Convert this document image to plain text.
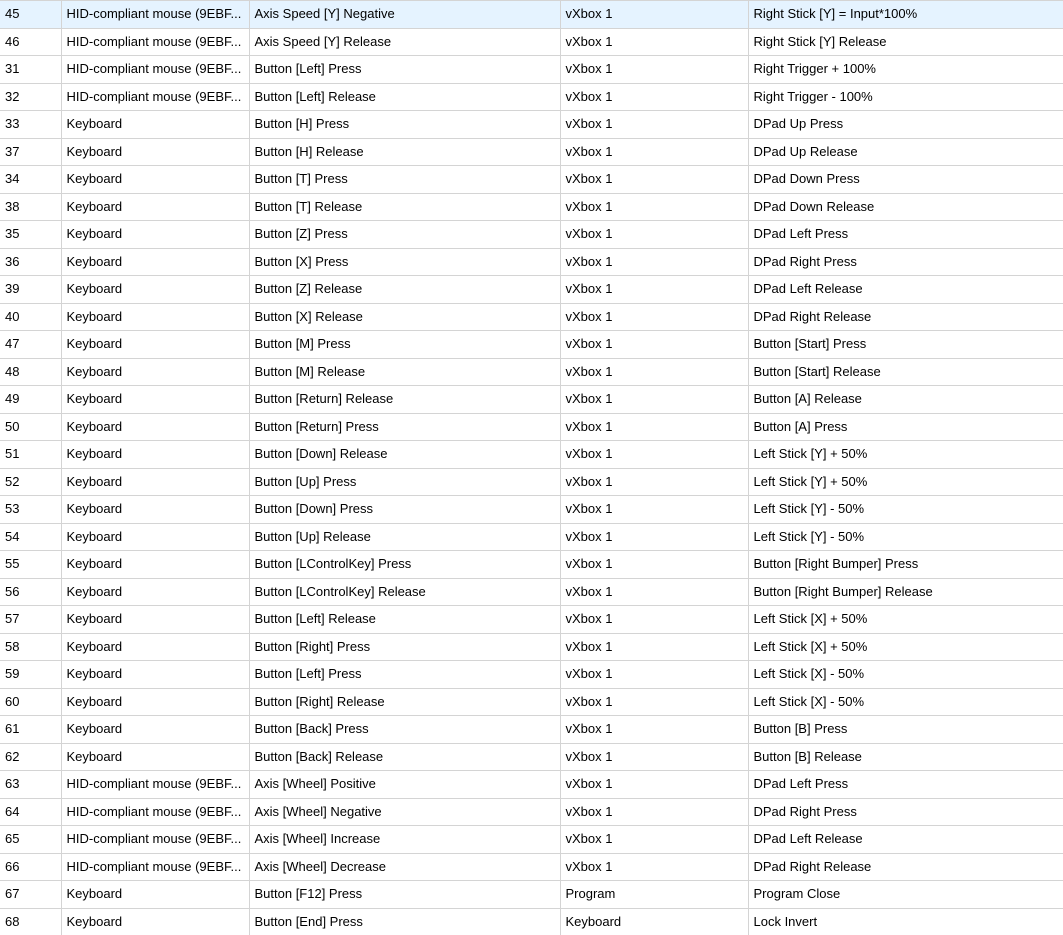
45	HID-compliant mouse (9EBF...	Axis Speed [Y] Negative	vXbox 1	Right Stick [Y] = Input*100%
46	HID-compliant mouse (9EBF...	Axis Speed [Y] Release	vXbox 1	Right Stick [Y] Release
31	HID-compliant mouse (9EBF...	Button [Left] Press	vXbox 1	Right Trigger + 100%
32	HID-compliant mouse (9EBF...	Button [Left] Release	vXbox 1	Right Trigger - 100%
33	Keyboard	Button [H] Press	vXbox 1	DPad Up Press
37	Keyboard	Button [H] Release	vXbox 1	DPad Up Release
34	Keyboard	Button [T] Press	vXbox 1	DPad Down Press
38	Keyboard	Button [T] Release	vXbox 1	DPad Down Release
35	Keyboard	Button [Z] Press	vXbox 1	DPad Left Press
36	Keyboard	Button [X] Press	vXbox 1	DPad Right Press
39	Keyboard	Button [Z] Release	vXbox 1	DPad Left Release
40	Keyboard	Button [X] Release	vXbox 1	DPad Right Release
47	Keyboard	Button [M] Press	vXbox 1	Button [Start] Press
48	Keyboard	Button [M] Release	vXbox 1	Button [Start] Release
49	Keyboard	Button [Return] Release	vXbox 1	Button [A] Release
50	Keyboard	Button [Return] Press	vXbox 1	Button [A] Press
51	Keyboard	Button [Down] Release	vXbox 1	Left Stick [Y] + 50%
52	Keyboard	Button [Up] Press	vXbox 1	Left Stick [Y] + 50%
53	Keyboard	Button [Down] Press	vXbox 1	Left Stick [Y] - 50%
54	Keyboard	Button [Up] Release	vXbox 1	Left Stick [Y] - 50%
55	Keyboard	Button [LControlKey] Press	vXbox 1	Button [Right Bumper] Press
56	Keyboard	Button [LControlKey] Release	vXbox 1	Button [Right Bumper] Release
57	Keyboard	Button [Left] Release	vXbox 1	Left Stick [X] + 50%
58	Keyboard	Button [Right] Press	vXbox 1	Left Stick [X] + 50%
59	Keyboard	Button [Left] Press	vXbox 1	Left Stick [X] - 50%
60	Keyboard	Button [Right] Release	vXbox 1	Left Stick [X] - 50%
61	Keyboard	Button [Back] Press	vXbox 1	Button [B] Press
62	Keyboard	Button [Back] Release	vXbox 1	Button [B] Release
63	HID-compliant mouse (9EBF...	Axis [Wheel] Positive	vXbox 1	DPad Left Press
64	HID-compliant mouse (9EBF...	Axis [Wheel] Negative	vXbox 1	DPad Right Press
65	HID-compliant mouse (9EBF...	Axis [Wheel] Increase	vXbox 1	DPad Left Release
66	HID-compliant mouse (9EBF...	Axis [Wheel] Decrease	vXbox 1	DPad Right Release
67	Keyboard	Button [F12] Press	Program	Program Close
68	Keyboard	Button [End] Press	Keyboard	Lock Invert
